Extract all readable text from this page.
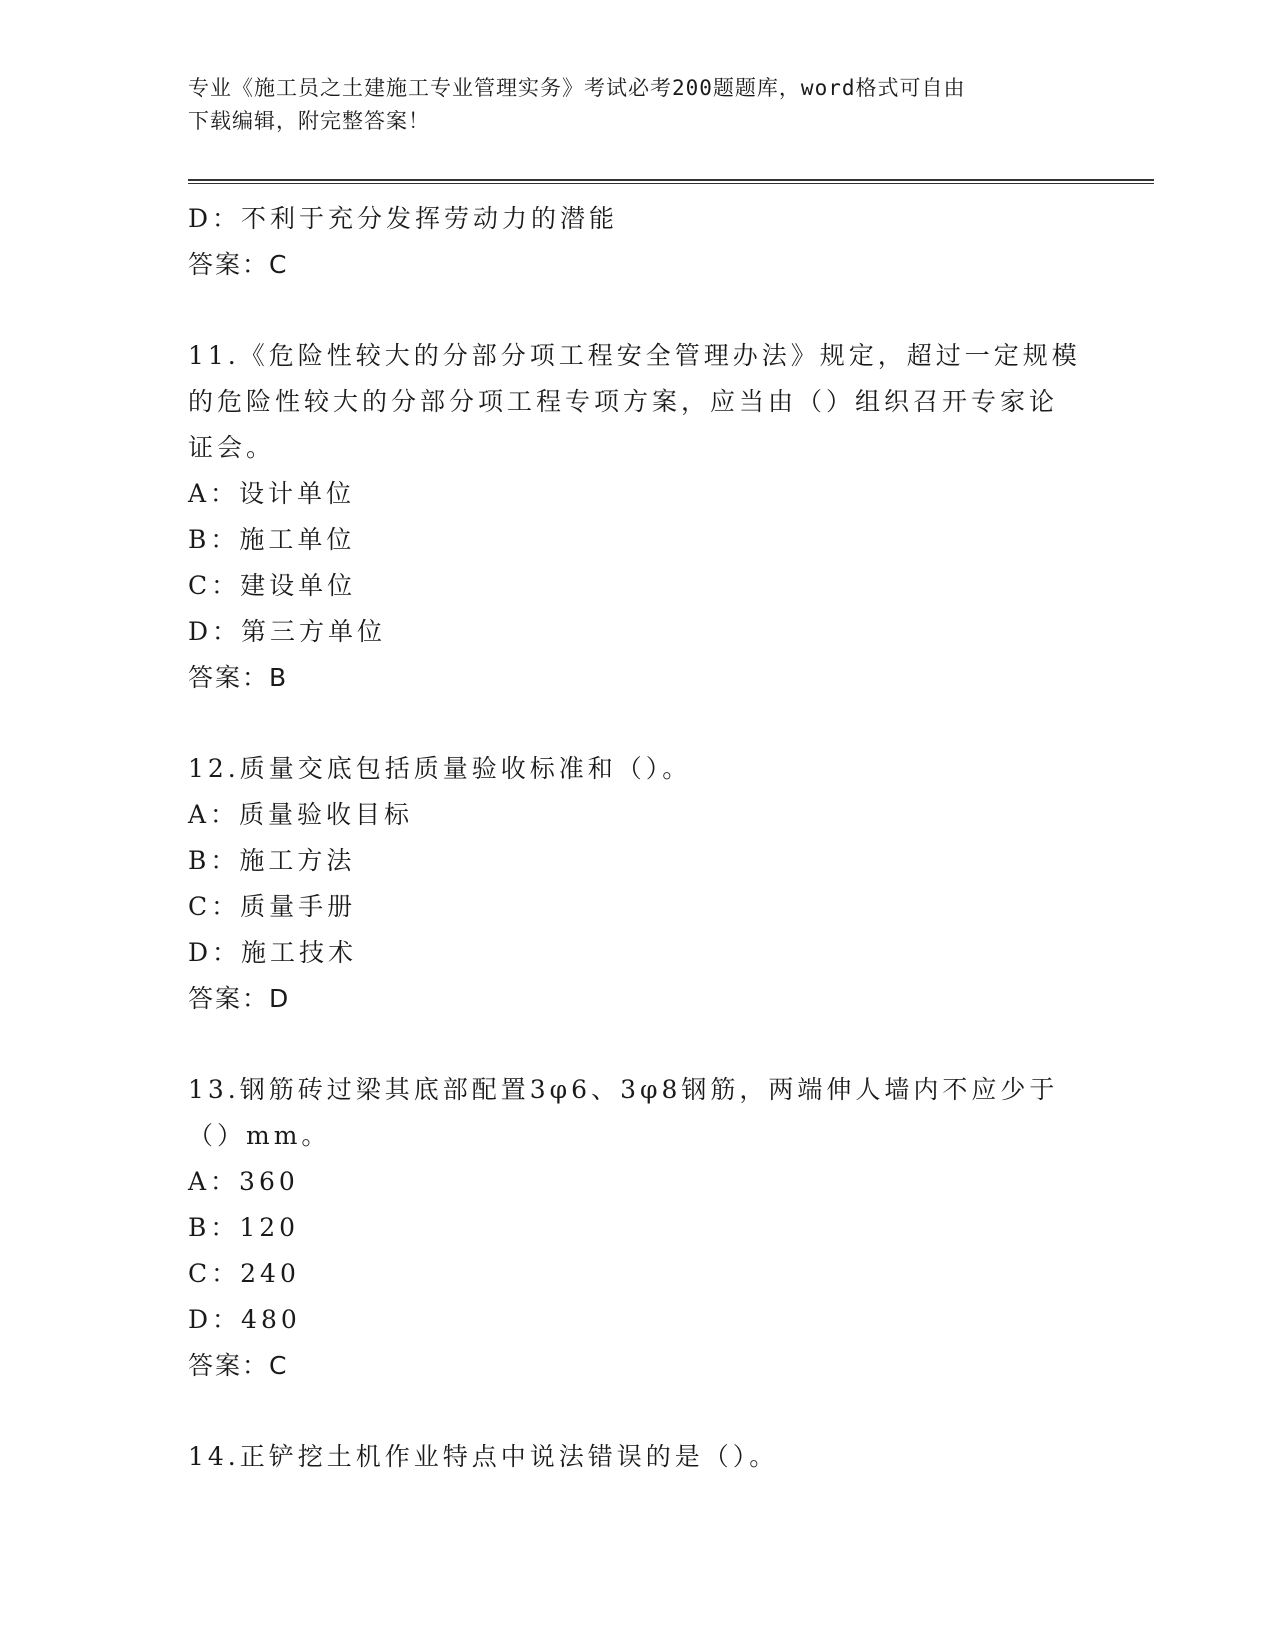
专业《施工员之土建施工专业管理实务》考试必考200题题库，word格式可自由
下载编辑，附完整答案！

D：不利于充分发挥劳动力的潜能

答案：C

11.《危险性较大的分部分项工程安全管理办法》规定，超过一定规模

的危险性较大的分部分项工程专项方案，应当由（）组织召开专家论

证会。

A：设计单位

B：施工单位

C：建设单位

D：第三方单位

答案：B

12.质量交底包括质量验收标准和（）。

A：质量验收目标

B：施工方法

C：质量手册

D：施工技术

答案：D

13.钢筋砖过梁其底部配置3φ6、3φ8钢筋，两端伸人墙内不应少于

（）mm。

A：360

B：120

C：240

D：480

答案：C

14.正铲挖土机作业特点中说法错误的是（）。
